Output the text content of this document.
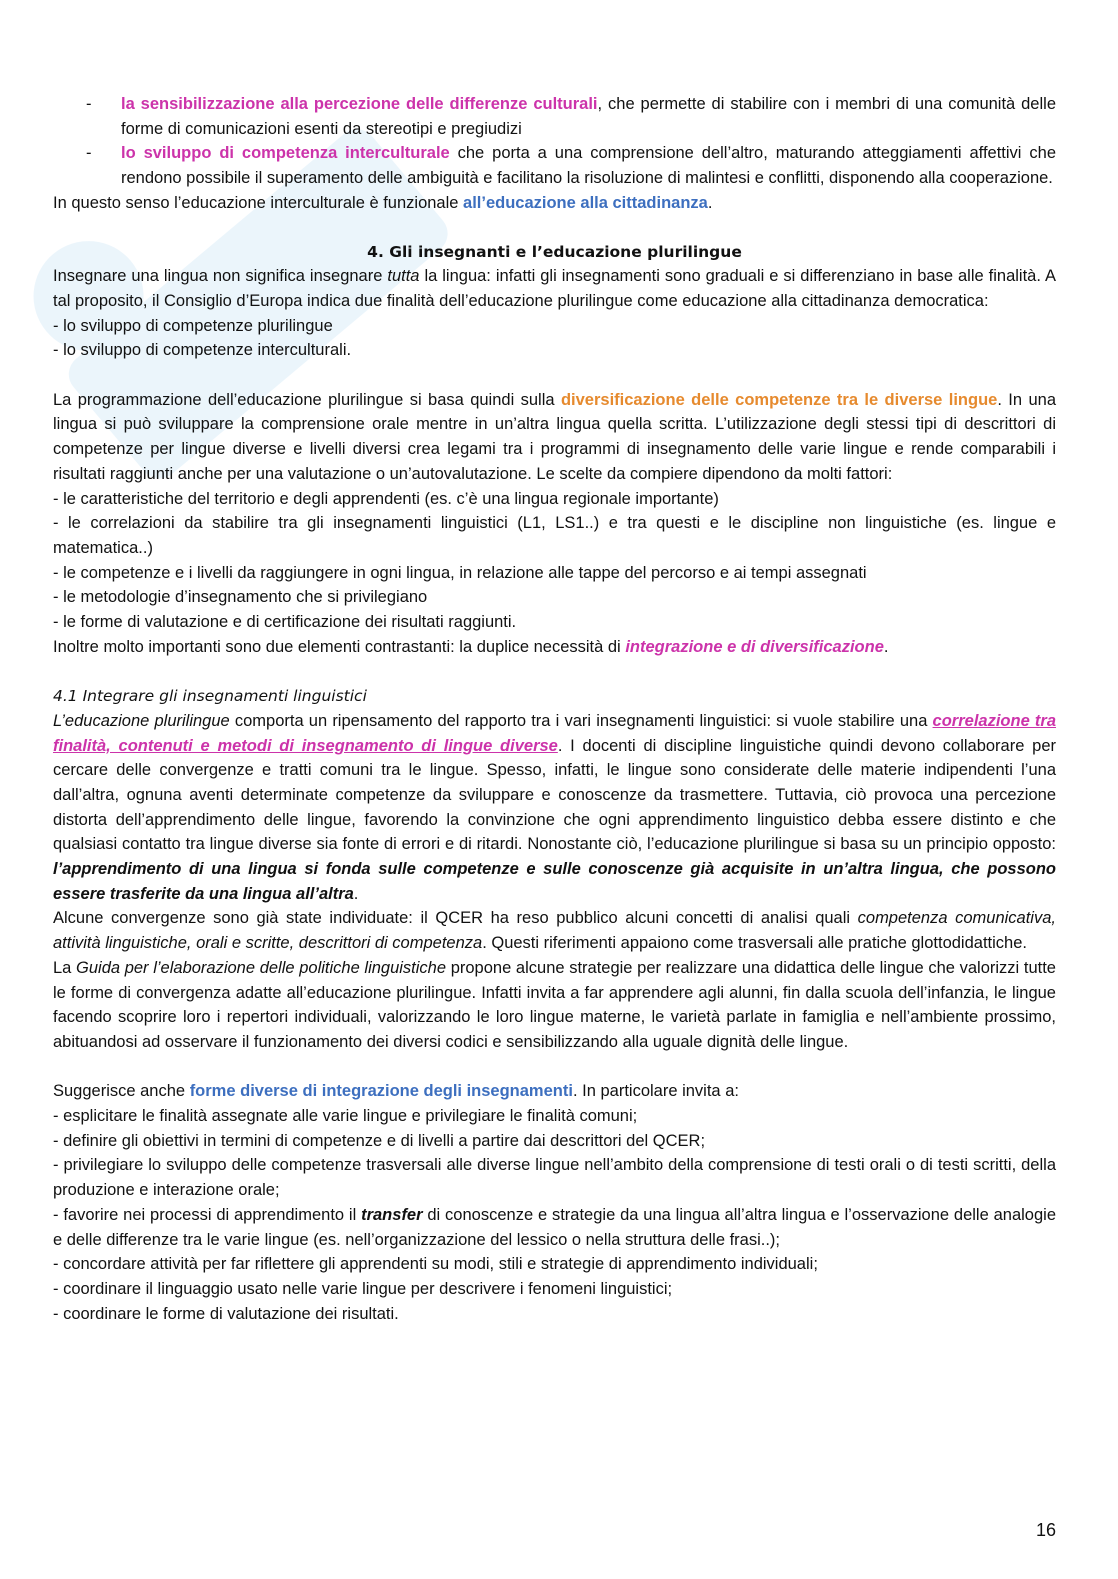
- la sensibilizzazione alla percezione delle differenze culturali, che permette di stabilire con i membri di una comunità delle forme di comunicazioni esenti da stereotipi e pregiudizi
- lo sviluppo di competenza interculturale che porta a una comprensione dell’altro, maturando atteggiamenti affettivi che rendono possibile il superamento delle ambiguità e facilitano la risoluzione di malintesi e conflitti, disponendo alla cooperazione.

In questo senso l’educazione interculturale è funzionale all’educazione alla cittadinanza.

4. Gli insegnanti e l’educazione plurilingue

Insegnare una lingua non significa insegnare tutta la lingua: infatti gli insegnamenti sono graduali e si differenziano in base alle finalità. A tal proposito, il Consiglio d’Europa indica due finalità dell’educazione plurilingue come educazione alla cittadinanza democratica:

- lo sviluppo di competenze plurilingue

- lo sviluppo di competenze interculturali.

La programmazione dell’educazione plurilingue si basa quindi sulla diversificazione delle competenze tra le diverse lingue. In una lingua si può sviluppare la comprensione orale mentre in un’altra lingua quella scritta. L’utilizzazione degli stessi tipi di descrittori di competenze per lingue diverse e livelli diversi crea legami tra i programmi di insegnamento delle varie lingue e rende comparabili i risultati raggiunti anche per una valutazione o un’autovalutazione. Le scelte da compiere dipendono da molti fattori:

- le caratteristiche del territorio e degli apprendenti (es. c’è una lingua regionale importante)

- le correlazioni da stabilire tra gli insegnamenti linguistici (L1, LS1..) e tra questi e le discipline non linguistiche (es. lingue e matematica..)

- le competenze e i livelli da raggiungere in ogni lingua, in relazione alle tappe del percorso e ai tempi assegnati

- le metodologie d’insegnamento che si privilegiano

- le forme di valutazione e di certificazione dei risultati raggiunti.

Inoltre molto importanti sono due elementi contrastanti: la duplice necessità di integrazione e di diversificazione.

4.1 Integrare gli insegnamenti linguistici

L’educazione plurilingue comporta un ripensamento del rapporto tra i vari insegnamenti linguistici: si vuole stabilire una correlazione tra finalità, contenuti e metodi di insegnamento di lingue diverse. I docenti di discipline linguistiche quindi devono collaborare per cercare delle convergenze e tratti comuni tra le lingue. Spesso, infatti, le lingue sono considerate delle materie indipendenti l’una dall’altra, ognuna aventi determinate competenze da sviluppare e conoscenze da trasmettere. Tuttavia, ciò provoca una percezione distorta dell’apprendimento delle lingue, favorendo la convinzione che ogni apprendimento linguistico debba essere distinto e che qualsiasi contatto tra lingue diverse sia fonte di errori e di ritardi. Nonostante ciò, l’educazione plurilingue si basa su un principio opposto: l’apprendimento di una lingua si fonda sulle competenze e sulle conoscenze già acquisite in un’altra lingua, che possono essere trasferite da una lingua all’altra.

Alcune convergenze sono già state individuate: il QCER ha reso pubblico alcuni concetti di analisi quali competenza comunicativa, attività linguistiche, orali e scritte, descrittori di competenza. Questi riferimenti appaiono come trasversali alle pratiche glottodidattiche.

La Guida per l’elaborazione delle politiche linguistiche propone alcune strategie per realizzare una didattica delle lingue che valorizzi tutte le forme di convergenza adatte all’educazione plurilingue. Infatti invita a far apprendere agli alunni, fin dalla scuola dell’infanzia, le lingue facendo scoprire loro i repertori individuali, valorizzando le loro lingue materne, le varietà parlate in famiglia e nell’ambiente prossimo, abituandosi ad osservare il funzionamento dei diversi codici e sensibilizzando alla uguale dignità delle lingue.

Suggerisce anche forme diverse di integrazione degli insegnamenti. In particolare invita a:

- esplicitare le finalità assegnate alle varie lingue e privilegiare le finalità comuni;

- definire gli obiettivi in termini di competenze e di livelli a partire dai descrittori del QCER;

- privilegiare lo sviluppo delle competenze trasversali alle diverse lingue nell’ambito della comprensione di testi orali o di testi scritti, della produzione e interazione orale;

- favorire nei processi di apprendimento il transfer di conoscenze e strategie da una lingua all’altra lingua e l’osservazione delle analogie e delle differenze tra le varie lingue (es. nell’organizzazione del lessico o nella struttura delle frasi..);

- concordare attività per far riflettere gli apprendenti su modi, stili e strategie di apprendimento individuali;

- coordinare il linguaggio usato nelle varie lingue per descrivere i fenomeni linguistici;

- coordinare le forme di valutazione dei risultati.

16
